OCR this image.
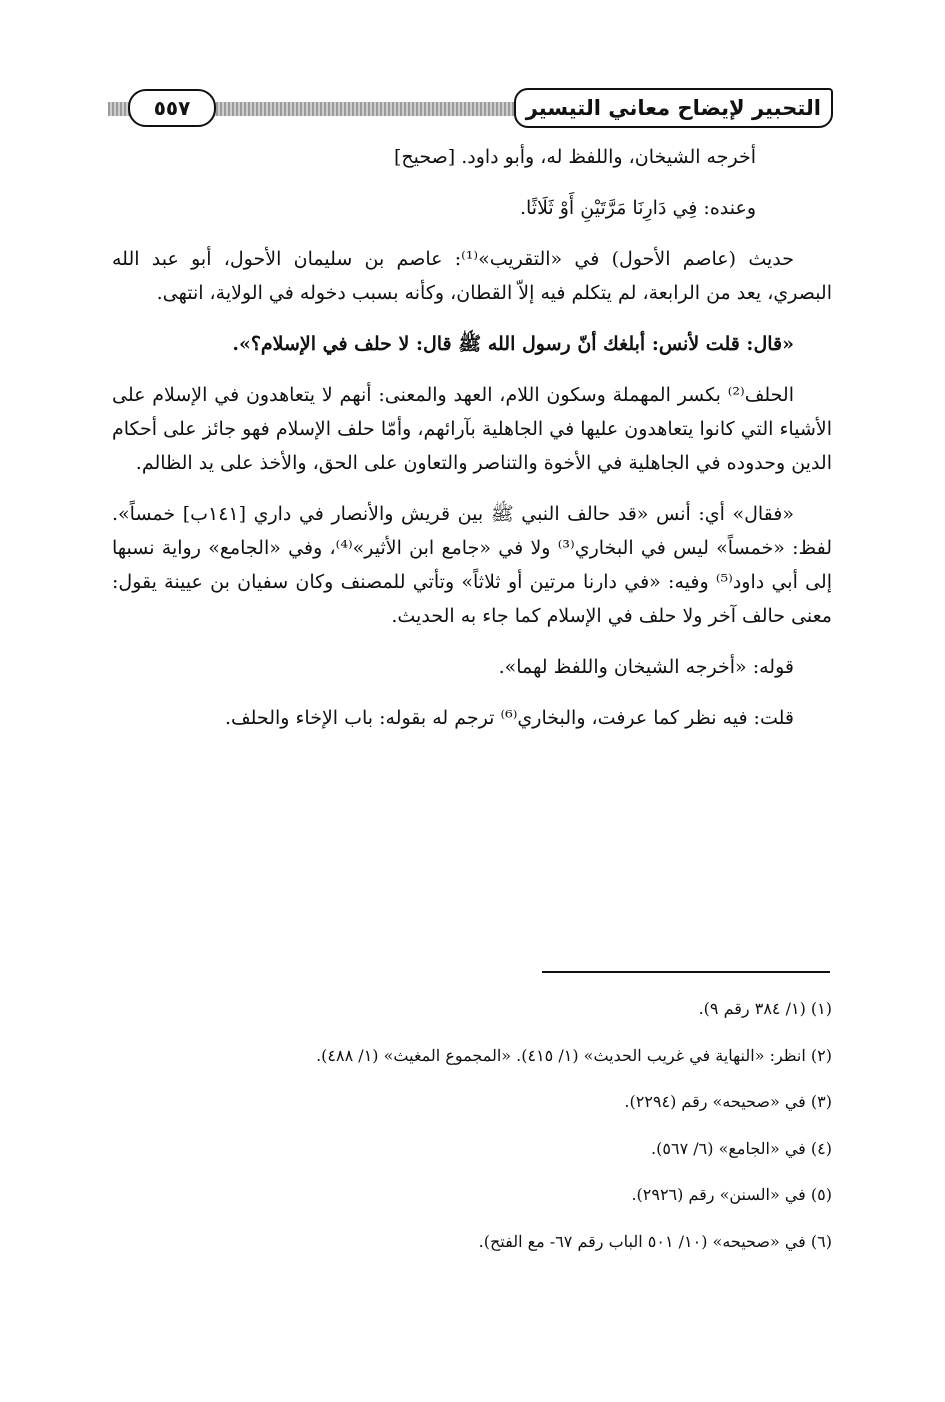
التحبير لإيضاح معاني التيسير
٥٥٧

أخرجه الشيخان، واللفظ له، وأبو داود. [صحيح]

وعنده: فِي دَارِنَا مَرَّتَيْنِ أَوْ ثَلَاثًا.

حديث (عاصم الأحول) في «التقريب»⁽¹⁾: عاصم بن سليمان الأحول، أبو عبد الله البصري، يعد من الرابعة، لم يتكلم فيه إلاّ القطان، وكأنه بسبب دخوله في الولاية، انتهى.

«قال: قلت لأنس: أبلغك أنّ رسول الله ﷺ قال: لا حلف في الإسلام؟».

الحلف⁽²⁾ بكسر المهملة وسكون اللام، العهد والمعنى: أنهم لا يتعاهدون في الإسلام على الأشياء التي كانوا يتعاهدون عليها في الجاهلية بآرائهم، وأمّا حلف الإسلام فهو جائز على أحكام الدين وحدوده في الجاهلية في الأخوة والتناصر والتعاون على الحق، والأخذ على يد الظالم.

«فقال» أي: أنس «قد حالف النبي ﷺ بين قريش والأنصار في داري [١٤١ب] خمساً». لفظ: «خمساً» ليس في البخاري⁽³⁾ ولا في «جامع ابن الأثير»⁽⁴⁾، وفي «الجامع» رواية نسبها إلى أبي داود⁽⁵⁾ وفيه: «في دارنا مرتين أو ثلاثاً» وتأتي للمصنف وكان سفيان بن عيينة يقول: معنى حالف آخر ولا حلف في الإسلام كما جاء به الحديث.

قوله: «أخرجه الشيخان واللفظ لهما».

قلت: فيه نظر كما عرفت، والبخاري⁽⁶⁾ ترجم له بقوله: باب الإخاء والحلف.

(١) (١/ ٣٨٤ رقم ٩).
(٢) انظر: «النهاية في غريب الحديث» (١/ ٤١٥). «المجموع المغيث» (١/ ٤٨٨).
(٣) في «صحيحه» رقم (٢٢٩٤).
(٤) في «الجامع» (٦/ ٥٦٧).
(٥) في «السنن» رقم (٢٩٢٦).
(٦) في «صحيحه» (١٠/ ٥٠١ الباب رقم ٦٧- مع الفتح).
